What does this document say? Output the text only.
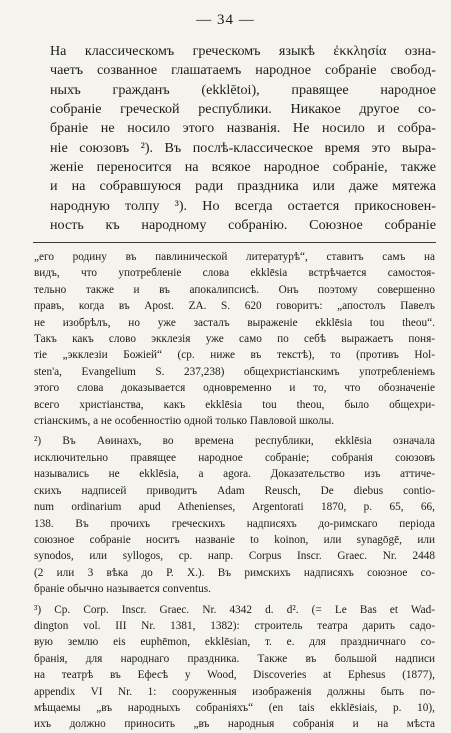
— 34 —
На классическомъ греческомъ языкѣ ἐκκλησία озна-
чаетъ созванное глашатаемъ народное собраніе свобод-
ныхъ гражданъ (ekklētoi), правящее народное
собраніе греческой республики. Никакое другое со-
браніе не носило этого названія. Не носило и собра-
ніе союзовъ ²). Въ послѣ-классическое время это выра-
женіе переносится на всякое народное собраніе, также
и на собравшуюся ради праздника или даже мятежа
народную толпу ³). Но всегда остается прикосновен-
ность къ народному собранію. Союзное собраніе
„его родину въ павлинической литературѣ“, ставитъ самъ на
видъ, что употребленіе слова ekklēsia встрѣчается самостоя-
тельно также и въ апокалипсисѣ. Онъ поэтому совершенно
правъ, когда въ Apost. ZA. S. 620 говоритъ: „апостолъ Павелъ
не изобрѣлъ, но уже засталъ выраженіе ekklēsia tou theou“.
Такъ какъ слово экклезія уже само по себѣ выражаетъ поня-
тіе „экклезіи Божіей“ (ср. ниже въ текстѣ), то (противъ Hol-
sten'a, Evangelium S. 237,238) общехристіанскимъ употребленіемъ
этого слова доказывается одновременно и то, что обозначеніе
всего христіанства, какъ ekklēsia tou theou, было общехри-
стіанскимъ, а не особенностію одной только Павловой школы.
²) Въ Аѳинахъ, во времена республики, ekklēsia означала
исключительно правящее народное собраніе; собранія союзовъ
назывались не ekklēsia, a agora. Доказательство изъ аттиче-
скихъ надписей приводитъ Adam Reusch, De diebus contio-
num ordinarium apud Athenienses, Argentorati 1870, p. 65, 66,
138. Въ прочихъ греческихъ надписяхъ до-римскаго періода
союзное собраніе носитъ названіе to koinon, или synagōgē, или
synodos, или syllogos, ср. напр. Corpus Inscr. Graec. Nr. 2448
(2 или 3 вѣка до Р. X.). Въ римскихъ надписяхъ союзное со-
браніе обычно называется conventus.
³) Ср. Corp. Inscr. Graec. Nr. 4342 d. d². (= Le Bas et Wad-
dington vol. III Nr. 1381, 1382): строитель театра дарить садо-
вую землю eis euphēmon, ekklēsian, т. е. для праздничнаго со-
бранія, для народнаго праздника. Также въ большой надписи
на театрѣ въ Ефесѣ у Wood, Discoveries at Ephesus (1877),
appendix VI Nr. 1: сооруженныя изображенія должны быть по-
мѣщаемы „въ народныхъ собраніяхъ“ (en tais ekklēsiais, p. 10),
ихъ должно приносить „въ народныя собранія и на мѣста
